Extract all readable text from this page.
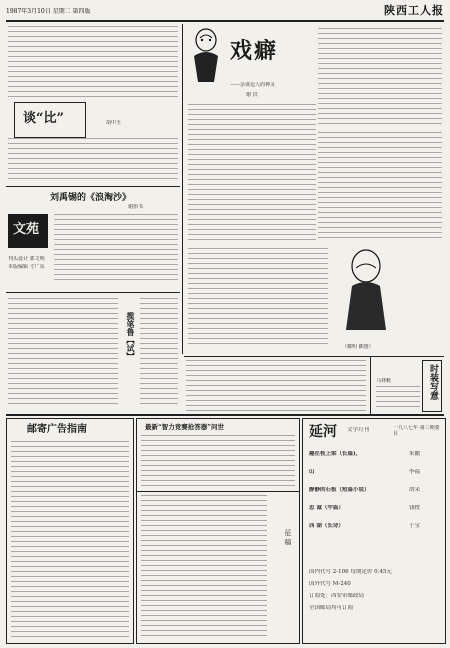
1987年3月10日 星期二 第四版	陕西工人报
谈“比”	胡中玉
戏癖
——杂谈逗人的神灵
谢 洪
（耀明 插图）
刘禹锡的《浪淘沙》
谢抬书
文苑
刊头设计 郭文明
本版编辑 寸广东
揽笔鲁【试】
时装写意
马林帆
邮寄广告指南	最新“智力竞赛抢答器”问世
征 稿
延河 文学月刊	一九八七年 第三期要目
趣在枝上梁（长篇),	朱鹏
山	李福
静静的石板（短篇小说）	胡采
忠 诚（中篇）	钱牧
西 湖（长诗）	于宝
国内代号 2-106 每期定价 0.45元
国外代号 M-240
订阅处：西安市邮政局
全国邮局均可订阅
